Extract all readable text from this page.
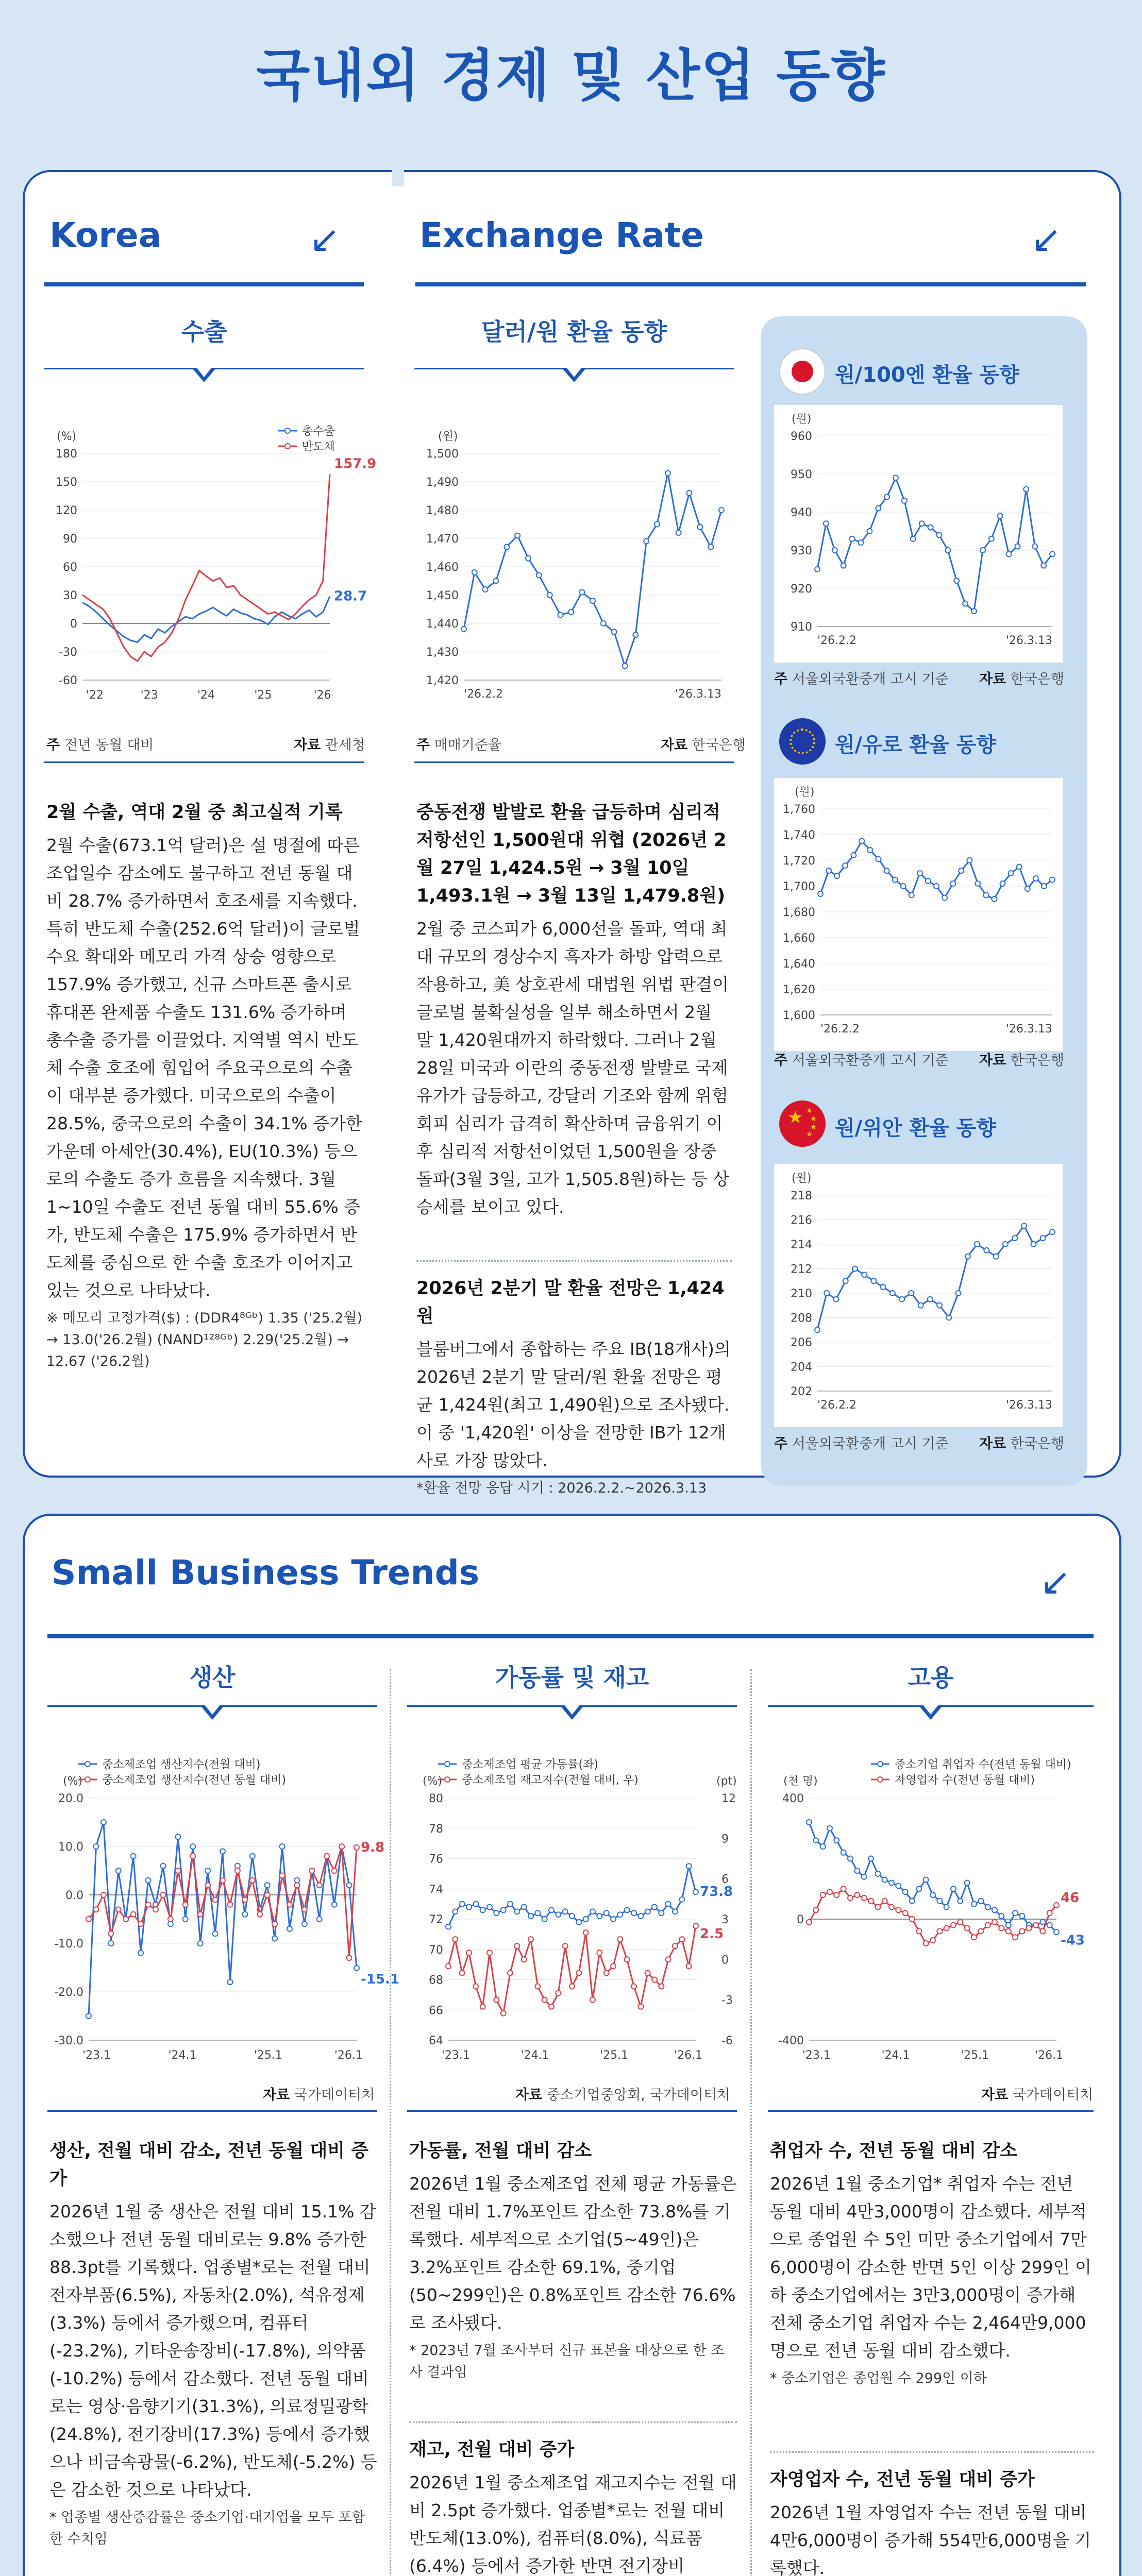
국내외 경제 및 산업 동향
Korea	↙
수출
180
150
120
90
60
30
0
-30
-60
(%)
'22	'23	'24	'25	'26
28.7
157.9
총수출
반도체
주 전년 동월 대비	자료 관세청
2월 수출, 역대 2월 중 최고실적 기록
2월 수출(673.1억 달러)은 설 명절에 따른 조업일수 감소에도 불구하고 전년 동월 대비 28.7% 증가하면서 호조세를 지속했다. 특히 반도체 수출(252.6억 달러)이 글로벌 수요 확대와 메모리 가격 상승 영향으로 157.9% 증가했고, 신규 스마트폰 출시로 휴대폰 완제품 수출도 131.6% 증가하며 총수출 증가를 이끌었다. 지역별 역시 반도체 수출 호조에 힘입어 주요국으로의 수출이 대부분 증가했다. 미국으로의 수출이 28.5%, 중국으로의 수출이 34.1% 증가한 가운데 아세안(30.4%), EU(10.3%) 등으로의 수출도 증가 흐름을 지속했다. 3월 1~10일 수출도 전년 동월 대비 55.6% 증가, 반도체 수출은 175.9% 증가하면서 반도체를 중심으로 한 수출 호조가 이어지고 있는 것으로 나타났다.
※ 메모리 고정가격($) : (DDR4⁸ᴳᵇ) 1.35 ('25.2월) → 13.0('26.2월) (NAND¹²⁸ᴳᵇ) 2.29('25.2월) → 12.67 ('26.2월)
Exchange Rate	↙
달러/원 환율 동향
1,500
1,490
1,480
1,470
1,460
1,450
1,440
1,430
1,420
(원)
'26.2.2	'26.3.13
주 매매기준율	자료 한국은행
중동전쟁 발발로 환율 급등하며 심리적 저항선인 1,500원대 위협 (2026년 2월 27일 1,424.5원 → 3월 10일 1,493.1원 → 3월 13일 1,479.8원)
2월 중 코스피가 6,000선을 돌파, 역대 최대 규모의 경상수지 흑자가 하방 압력으로 작용하고, 美 상호관세 대법원 위법 판결이 글로벌 불확실성을 일부 해소하면서 2월 말 1,420원대까지 하락했다. 그러나 2월 28일 미국과 이란의 중동전쟁 발발로 국제유가가 급등하고, 강달러 기조와 함께 위험회피 심리가 급격히 확산하며 금융위기 이후 심리적 저항선이었던 1,500원을 장중 돌파(3월 3일, 고가 1,505.8원)하는 등 상승세를 보이고 있다.
2026년 2분기 말 환율 전망은 1,424원
블룸버그에서 종합하는 주요 IB(18개사)의 2026년 2분기 말 달러/원 환율 전망은 평균 1,424원(최고 1,490원)으로 조사됐다. 이 중 '1,420원' 이상을 전망한 IB가 12개사로 가장 많았다.
*환율 전망 응답 시기 : 2026.2.2.~2026.3.13
원/100엔 환율 동향
960
950
940
930
920
910
(원)
'26.2.2	'26.3.13
주 서울외국환중개 고시 기준 자료 한국은행
원/유로 환율 동향
1,760
1,740
1,720
1,700
1,680
1,660
1,640
1,620
1,600
(원)
'26.2.2	'26.3.13
주 서울외국환중개 고시 기준 자료 한국은행
★ ★
★
★
★ 원/위안 환율 동향
218
216
214
212
210
208
206
204
202
(원)
'26.2.2	'26.3.13
주 서울외국환중개 고시 기준 자료 한국은행
Small Business Trends	↙
생산
20.0
10.0
0.0
-10.0
-20.0
-30.0
(%)
'23.1	'24.1	'25.1	'26.1
-15.1
9.8
중소제조업 생산지수(전월 대비)
중소제조업 생산지수(전년 동월 대비)
자료 국가데이터처
생산, 전월 대비 감소, 전년 동월 대비 증가
2026년 1월 중 생산은 전월 대비 15.1% 감소했으나 전년 동월 대비로는 9.8% 증가한 88.3pt를 기록했다. 업종별*로는 전월 대비 전자부품(6.5%), 자동차(2.0%), 석유정제(3.3%) 등에서 증가했으며, 컴퓨터(-23.2%), 기타운송장비(-17.8%), 의약품(-10.2%) 등에서 감소했다. 전년 동월 대비로는 영상·음향기기(31.3%), 의료정밀광학(24.8%), 전기장비(17.3%) 등에서 증가했으나 비금속광물(-6.2%), 반도체(-5.2%) 등은 감소한 것으로 나타났다.
* 업종별 생산증감률은 중소기업·대기업을 모두 포함한 수치임
가동률 및 재고
80
78
76
74
72
70
68
66
64
(%)
'23.1	'24.1	'25.1	'26.1
73.8
2.5
12
9
6
3
0
-3
-6
(pt)
중소제조업 평균 가동률(좌)
중소제조업 재고지수(전월 대비, 우)
자료 중소기업중앙회, 국가데이터처
가동률, 전월 대비 감소
2026년 1월 중소제조업 전체 평균 가동률은 전월 대비 1.7%포인트 감소한 73.8%를 기록했다. 세부적으로 소기업(5~49인)은 3.2%포인트 감소한 69.1%, 중기업(50~299인)은 0.8%포인트 감소한 76.6%로 조사됐다.
* 2023년 7월 조사부터 신규 표본을 대상으로 한 조사 결과임
재고, 전월 대비 증가
2026년 1월 중소제조업 재고지수는 전월 대비 2.5pt 증가했다. 업종별*로는 전월 대비 반도체(13.0%), 컴퓨터(8.0%), 식료품(6.4%) 등에서 증가한 반면 전기장비
고용
400
0
-400
(천 명)
'23.1	'24.1	'25.1	'26.1
-43
46
중소기업 취업자 수(전년 동월 대비)
자영업자 수(전년 동월 대비)
자료 국가데이터처
취업자 수, 전년 동월 대비 감소
2026년 1월 중소기업* 취업자 수는 전년 동월 대비 4만3,000명이 감소했다. 세부적으로 종업원 수 5인 미만 중소기업에서 7만6,000명이 감소한 반면 5인 이상 299인 이하 중소기업에서는 3만3,000명이 증가해 전체 중소기업 취업자 수는 2,464만9,000명으로 전년 동월 대비 감소했다.
* 중소기업은 종업원 수 299인 이하
자영업자 수, 전년 동월 대비 증가
2026년 1월 자영업자 수는 전년 동월 대비 4만6,000명이 증가해 554만6,000명을 기록했다.
